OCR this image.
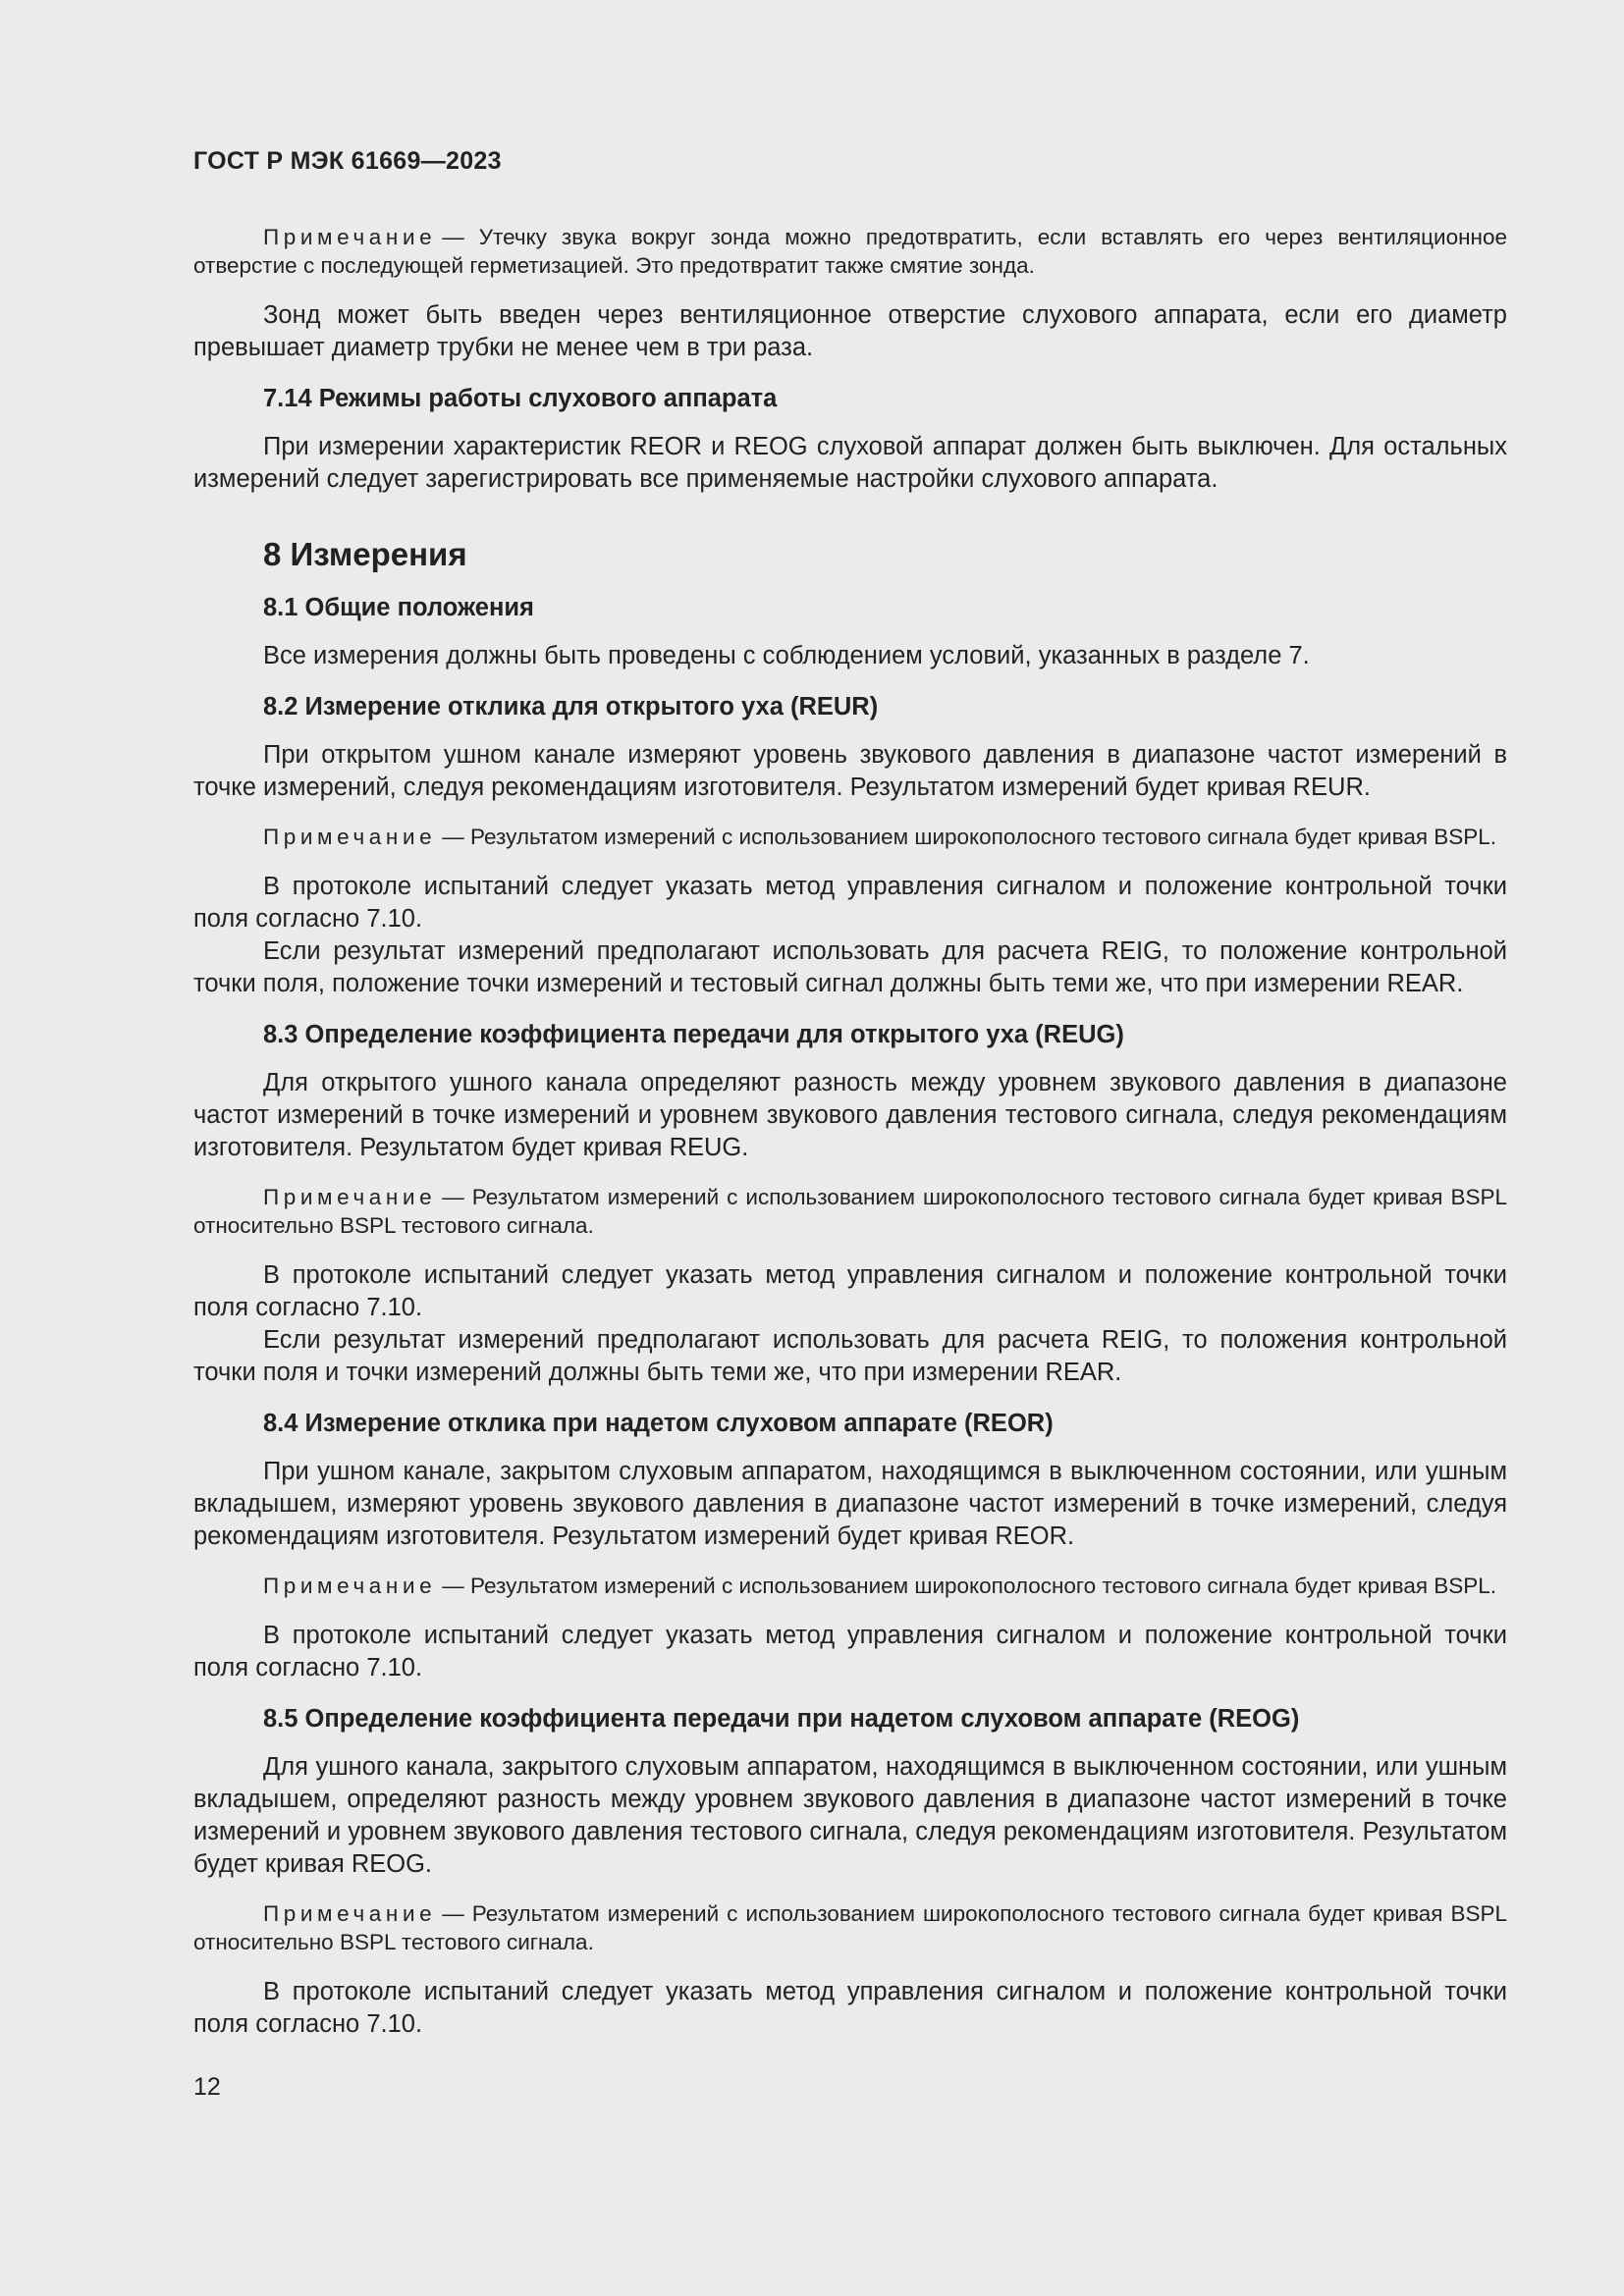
ГОСТ Р МЭК 61669—2023

Примечание — Утечку звука вокруг зонда можно предотвратить, если вставлять его через вентиляционное отверстие с последующей герметизацией. Это предотвратит также смятие зонда.

Зонд может быть введен через вентиляционное отверстие слухового аппарата, если его диаметр превышает диаметр трубки не менее чем в три раза.

7.14 Режимы работы слухового аппарата

При измерении характеристик REOR и REOG слуховой аппарат должен быть выключен. Для остальных измерений следует зарегистрировать все применяемые настройки слухового аппарата.

8 Измерения
8.1 Общие положения

Все измерения должны быть проведены с соблюдением условий, указанных в разделе 7.

8.2 Измерение отклика для открытого уха (REUR)

При открытом ушном канале измеряют уровень звукового давления в диапазоне частот измерений в точке измерений, следуя рекомендациям изготовителя. Результатом измерений будет кривая REUR.

Примечание — Результатом измерений с использованием широкополосного тестового сигнала будет кривая BSPL.

В протоколе испытаний следует указать метод управления сигналом и положение контрольной точки поля согласно 7.10.

Если результат измерений предполагают использовать для расчета REIG, то положение контрольной точки поля, положение точки измерений и тестовый сигнал должны быть теми же, что при измерении REAR.

8.3 Определение коэффициента передачи для открытого уха (REUG)

Для открытого ушного канала определяют разность между уровнем звукового давления в диапазоне частот измерений в точке измерений и уровнем звукового давления тестового сигнала, следуя рекомендациям изготовителя. Результатом будет кривая REUG.

Примечание — Результатом измерений с использованием широкополосного тестового сигнала будет кривая BSPL относительно BSPL тестового сигнала.

В протоколе испытаний следует указать метод управления сигналом и положение контрольной точки поля согласно 7.10.

Если результат измерений предполагают использовать для расчета REIG, то положения контрольной точки поля и точки измерений должны быть теми же, что при измерении REAR.

8.4 Измерение отклика при надетом слуховом аппарате (REOR)

При ушном канале, закрытом слуховым аппаратом, находящимся в выключенном состоянии, или ушным вкладышем, измеряют уровень звукового давления в диапазоне частот измерений в точке измерений, следуя рекомендациям изготовителя. Результатом измерений будет кривая REOR.

Примечание — Результатом измерений с использованием широкополосного тестового сигнала будет кривая BSPL.

В протоколе испытаний следует указать метод управления сигналом и положение контрольной точки поля согласно 7.10.

8.5 Определение коэффициента передачи при надетом слуховом аппарате (REOG)

Для ушного канала, закрытого слуховым аппаратом, находящимся в выключенном состоянии, или ушным вкладышем, определяют разность между уровнем звукового давления в диапазоне частот измерений в точке измерений и уровнем звукового давления тестового сигнала, следуя рекомендациям изготовителя. Результатом будет кривая REOG.

Примечание — Результатом измерений с использованием широкополосного тестового сигнала будет кривая BSPL относительно BSPL тестового сигнала.

В протоколе испытаний следует указать метод управления сигналом и положение контрольной точки поля согласно 7.10.

12
